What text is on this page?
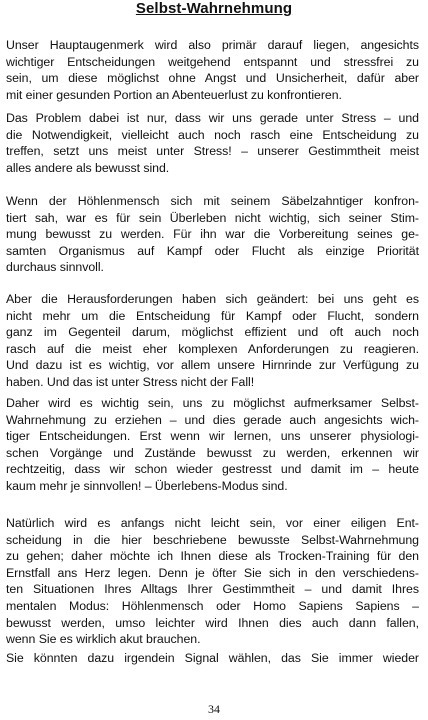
Selbst-Wahrnehmung
Unser Hauptaugenmerk wird also primär darauf liegen, angesichts
wichtiger Entscheidungen weitgehend entspannt und stressfrei zu
sein, um diese möglichst ohne Angst und Unsicherheit, dafür aber
mit einer gesunden Portion an Abenteuerlust zu konfrontieren.
Das Problem dabei ist nur, dass wir uns gerade unter Stress – und
die Notwendigkeit, vielleicht auch noch rasch eine Entscheidung zu
treffen, setzt uns meist unter Stress! – unserer Gestimmtheit meist
alles andere als bewusst sind.
Wenn der Höhlenmensch sich mit seinem Säbelzahntiger konfron-
tiert sah, war es für sein Überleben nicht wichtig, sich seiner Stim-
mung bewusst zu werden. Für ihn war die Vorbereitung seines ge-
samten Organismus auf Kampf oder Flucht als einzige Priorität
durchaus sinnvoll.
Aber die Herausforderungen haben sich geändert: bei uns geht es
nicht mehr um die Entscheidung für Kampf oder Flucht, sondern
ganz im Gegenteil darum, möglichst effizient und oft auch noch
rasch auf die meist eher komplexen Anforderungen zu reagieren.
Und dazu ist es wichtig, vor allem unsere Hirnrinde zur Verfügung zu
haben. Und das ist unter Stress nicht der Fall!
Daher wird es wichtig sein, uns zu möglichst aufmerksamer Selbst-
Wahrnehmung zu erziehen – und dies gerade auch angesichts wich-
tiger Entscheidungen. Erst wenn wir lernen, uns unserer physiologi-
schen Vorgänge und Zustände bewusst zu werden, erkennen wir
rechtzeitig, dass wir schon wieder gestresst und damit im – heute
kaum mehr je sinnvollen! – Überlebens-Modus sind.
Natürlich wird es anfangs nicht leicht sein, vor einer eiligen Ent-
scheidung in die hier beschriebene bewusste Selbst-Wahrnehmung
zu gehen; daher möchte ich Ihnen diese als Trocken-Training für den
Ernstfall ans Herz legen. Denn je öfter Sie sich in den verschiedens-
ten Situationen Ihres Alltags Ihrer Gestimmtheit – und damit Ihres
mentalen Modus: Höhlenmensch oder Homo Sapiens Sapiens –
bewusst werden, umso leichter wird Ihnen dies auch dann fallen,
wenn Sie es wirklich akut brauchen.
Sie könnten dazu irgendein Signal wählen, das Sie immer wieder
34
